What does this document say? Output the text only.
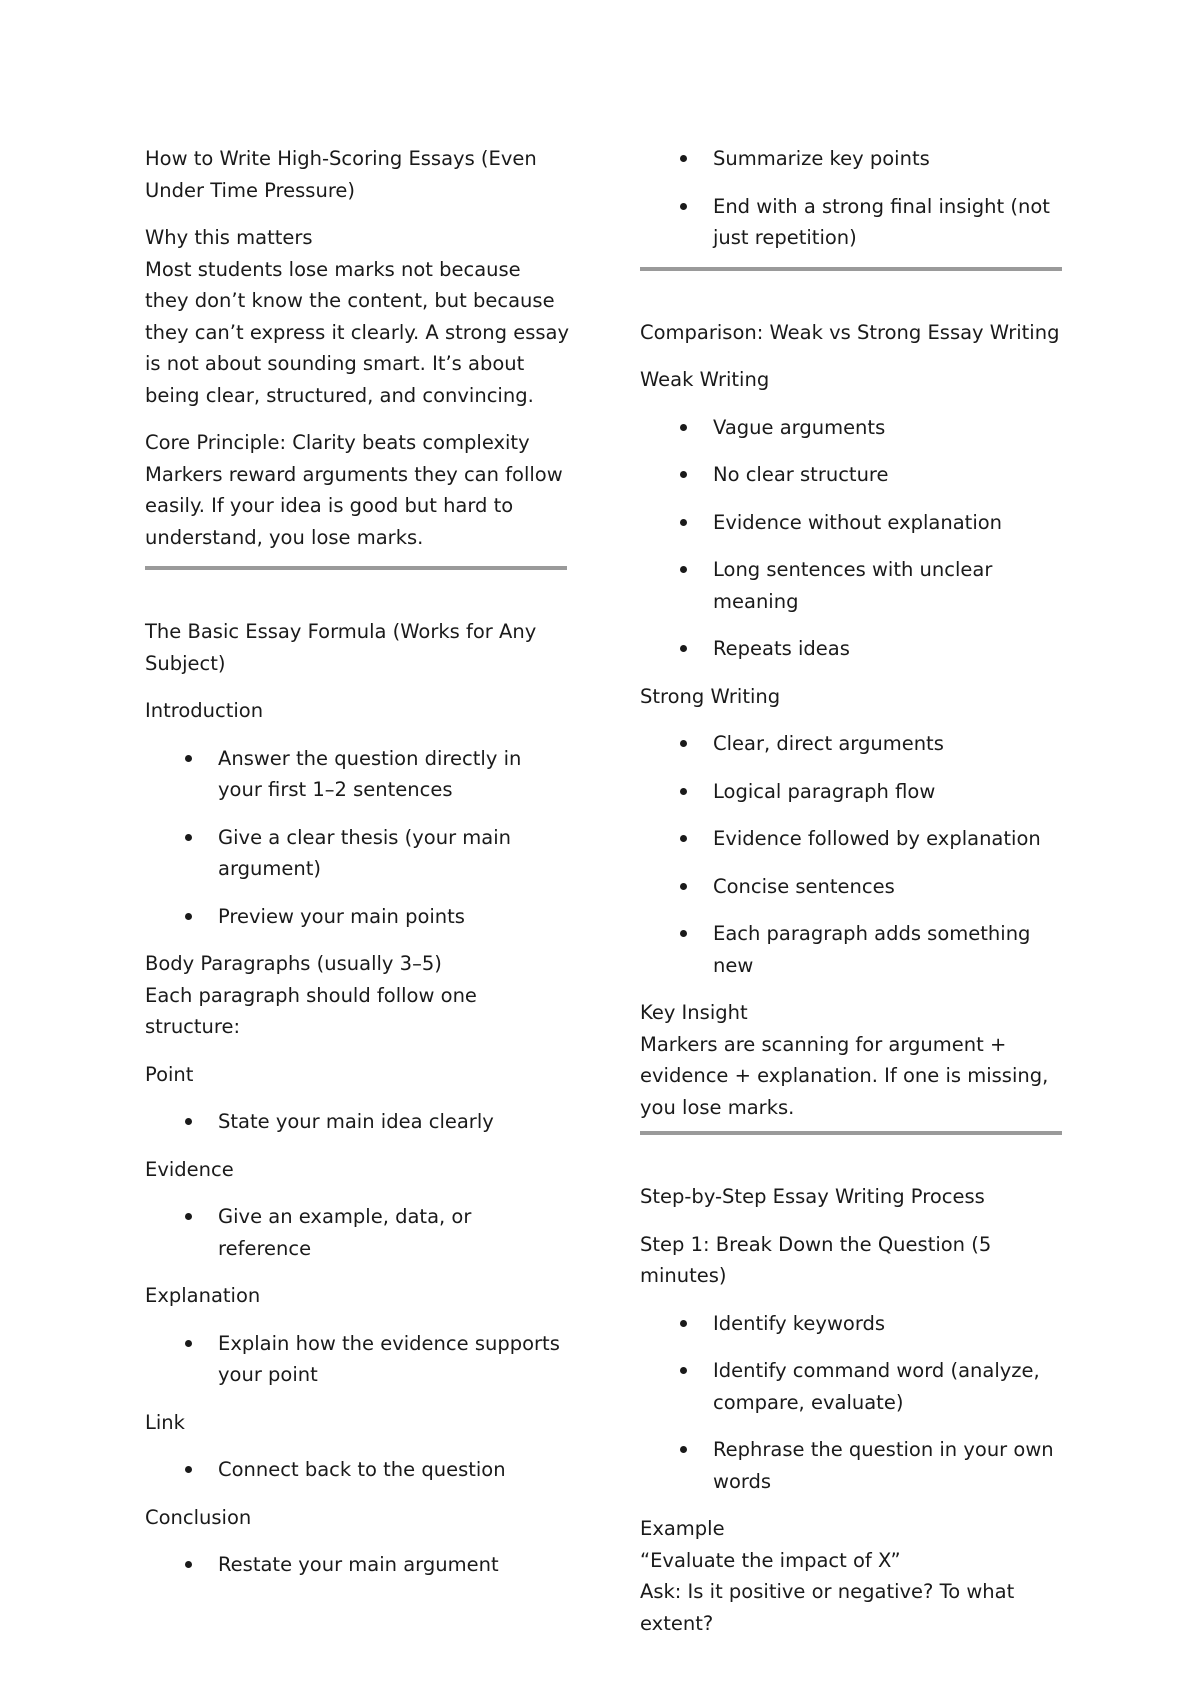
How to Write High-Scoring Essays (Even Under Time Pressure)

Why this matters

Most students lose marks not because they don’t know the content, but because they can’t express it clearly. A strong essay is not about sounding smart. It’s about being clear, structured, and convincing.

Core Principle: Clarity beats complexity

Markers reward arguments they can follow easily. If your idea is good but hard to understand, you lose marks.

The Basic Essay Formula (Works for Any Subject)

Introduction

Answer the question directly in your first 1–2 sentences
Give a clear thesis (your main argument)
Preview your main points

Body Paragraphs (usually 3–5)

Each paragraph should follow one structure:

Point

State your main idea clearly

Evidence

Give an example, data, or reference

Explanation

Explain how the evidence supports your point

Link

Connect back to the question

Conclusion

Restate your main argument
Summarize key points
End with a strong final insight (not just repetition)

Comparison: Weak vs Strong Essay Writing

Weak Writing

Vague arguments
No clear structure
Evidence without explanation
Long sentences with unclear meaning
Repeats ideas

Strong Writing

Clear, direct arguments
Logical paragraph flow
Evidence followed by explanation
Concise sentences
Each paragraph adds something new

Key Insight

Markers are scanning for argument + evidence + explanation. If one is missing, you lose marks.

Step-by-Step Essay Writing Process

Step 1: Break Down the Question (5 minutes)

Identify keywords
Identify command word (analyze, compare, evaluate)
Rephrase the question in your own words

Example

“Evaluate the impact of X”

Ask: Is it positive or negative? To what extent?
